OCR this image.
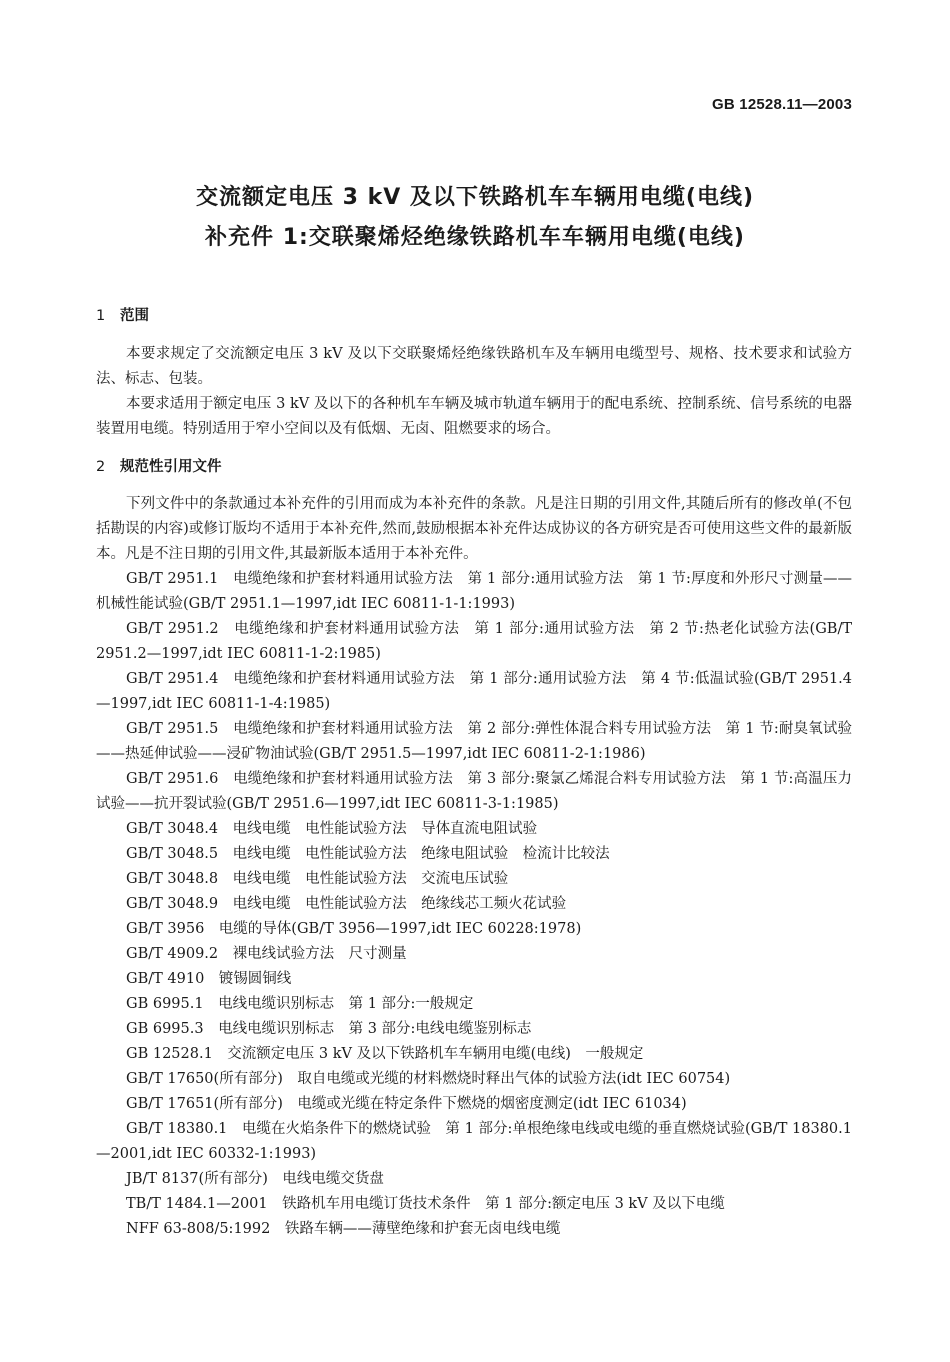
GB 12528.11—2003
交流额定电压 3 kV 及以下铁路机车车辆用电缆(电线)
补充件 1:交联聚烯烃绝缘铁路机车车辆用电缆(电线)
1 范围

本要求规定了交流额定电压 3 kV 及以下交联聚烯烃绝缘铁路机车及车辆用电缆型号、规格、技术要求和试验方法、标志、包装。

本要求适用于额定电压 3 kV 及以下的各种机车车辆及城市轨道车辆用于的配电系统、控制系统、信号系统的电器装置用电缆。特别适用于窄小空间以及有低烟、无卤、阻燃要求的场合。

2 规范性引用文件

下列文件中的条款通过本补充件的引用而成为本补充件的条款。凡是注日期的引用文件,其随后所有的修改单(不包括勘误的内容)或修订版均不适用于本补充件,然而,鼓励根据本补充件达成协议的各方研究是否可使用这些文件的最新版本。凡是不注日期的引用文件,其最新版本适用于本补充件。

GB/T 2951.1　电缆绝缘和护套材料通用试验方法　第 1 部分:通用试验方法　第 1 节:厚度和外形尺寸测量——机械性能试验(GB/T 2951.1—1997,idt IEC 60811-1-1:1993)
GB/T 2951.2　电缆绝缘和护套材料通用试验方法　第 1 部分:通用试验方法　第 2 节:热老化试验方法(GB/T 2951.2—1997,idt IEC 60811-1-2:1985)
GB/T 2951.4　电缆绝缘和护套材料通用试验方法　第 1 部分:通用试验方法　第 4 节:低温试验(GB/T 2951.4—1997,idt IEC 60811-1-4:1985)
GB/T 2951.5　电缆绝缘和护套材料通用试验方法　第 2 部分:弹性体混合料专用试验方法　第 1 节:耐臭氧试验——热延伸试验——浸矿物油试验(GB/T 2951.5—1997,idt IEC 60811-2-1:1986)
GB/T 2951.6　电缆绝缘和护套材料通用试验方法　第 3 部分:聚氯乙烯混合料专用试验方法　第 1 节:高温压力试验——抗开裂试验(GB/T 2951.6—1997,idt IEC 60811-3-1:1985)
GB/T 3048.4　电线电缆　电性能试验方法　导体直流电阻试验
GB/T 3048.5　电线电缆　电性能试验方法　绝缘电阻试验　检流计比较法
GB/T 3048.8　电线电缆　电性能试验方法　交流电压试验
GB/T 3048.9　电线电缆　电性能试验方法　绝缘线芯工频火花试验
GB/T 3956　电缆的导体(GB/T 3956—1997,idt IEC 60228:1978)
GB/T 4909.2　裸电线试验方法　尺寸测量
GB/T 4910　镀锡圆铜线
GB 6995.1　电线电缆识别标志　第 1 部分:一般规定
GB 6995.3　电线电缆识别标志　第 3 部分:电线电缆鉴别标志
GB 12528.1　交流额定电压 3 kV 及以下铁路机车车辆用电缆(电线)　一般规定
GB/T 17650(所有部分)　取自电缆或光缆的材料燃烧时释出气体的试验方法(idt IEC 60754)
GB/T 17651(所有部分)　电缆或光缆在特定条件下燃烧的烟密度测定(idt IEC 61034)
GB/T 18380.1　电缆在火焰条件下的燃烧试验　第 1 部分:单根绝缘电线或电缆的垂直燃烧试验(GB/T 18380.1—2001,idt IEC 60332-1:1993)
JB/T 8137(所有部分)　电线电缆交货盘
TB/T 1484.1—2001　铁路机车用电缆订货技术条件　第 1 部分:额定电压 3 kV 及以下电缆
NFF 63-808/5:1992　铁路车辆——薄壁绝缘和护套无卤电线电缆
